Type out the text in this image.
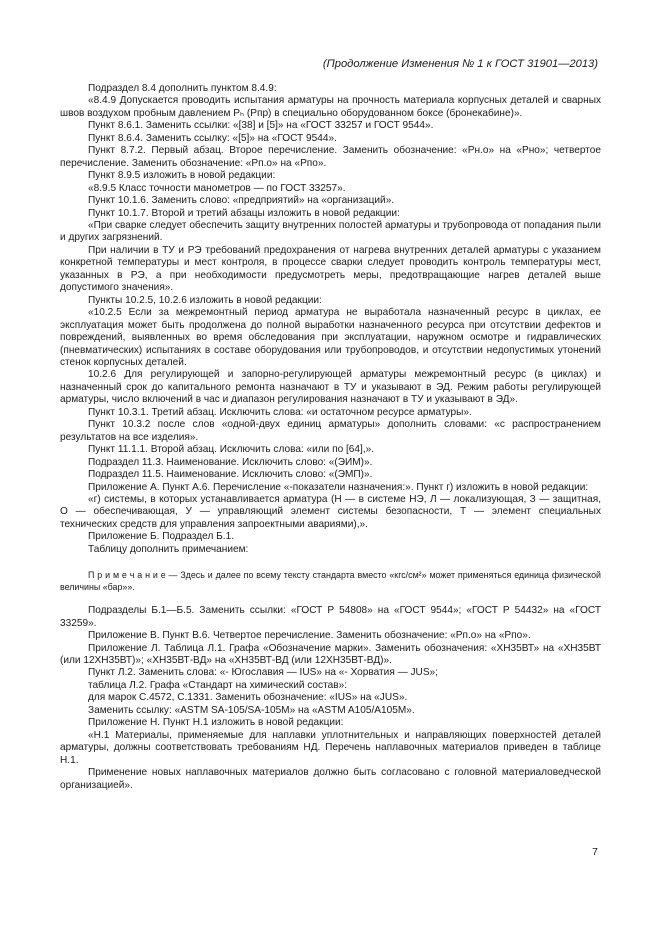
(Продолжение Изменения № 1 к ГОСТ 31901—2013)

Подраздел 8.4 дополнить пунктом 8.4.9:

«8.4.9 Допускается проводить испытания арматуры на прочность материала корпусных деталей и сварных швов воздухом пробным давлением Pₕ (Pпр) в специально оборудованном боксе (бронекабине)».

Пункт 8.6.1. Заменить ссылки: «[38] и [5]» на «ГОСТ 33257 и ГОСТ 9544».

Пункт 8.6.4. Заменить ссылку: «[5]» на «ГОСТ 9544».

Пункт 8.7.2. Первый абзац. Второе перечисление. Заменить обозначение: «Pн.о» на «Pно»; четвертое перечисление. Заменить обозначение: «Pп.о» на «Pпо».

Пункт 8.9.5 изложить в новой редакции:

«8.9.5 Класс точности манометров — по ГОСТ 33257».

Пункт 10.1.6. Заменить слово: «предприятий» на «организаций».

Пункт 10.1.7. Второй и третий абзацы изложить в новой редакции:

«При сварке следует обеспечить защиту внутренних полостей арматуры и трубопровода от попадания пыли и других загрязнений.

При наличии в ТУ и РЭ требований предохранения от нагрева внутренних деталей арматуры с указанием конкретной температуры и мест контроля, в процессе сварки следует проводить контроль температуры мест, указанных в РЭ, а при необходимости предусмотреть меры, предотвращающие нагрев деталей выше допустимого значения».

Пункты 10.2.5, 10.2.6 изложить в новой редакции:

«10.2.5 Если за межремонтный период арматура не выработала назначенный ресурс в циклах, ее эксплуатация может быть продолжена до полной выработки назначенного ресурса при отсутствии дефектов и повреждений, выявленных во время обследования при эксплуатации, наружном осмотре и гидравлических (пневматических) испытаниях в составе оборудования или трубопроводов, и отсутствии недопустимых утонений стенок корпусных деталей.

10.2.6 Для регулирующей и запорно-регулирующей арматуры межремонтный ресурс (в циклах) и назначенный срок до капитального ремонта назначают в ТУ и указывают в ЭД. Режим работы регулирующей арматуры, число включений в час и диапазон регулирования назначают в ТУ и указывают в ЭД».

Пункт 10.3.1. Третий абзац. Исключить слова: «и остаточном ресурсе арматуры».

Пункт 10.3.2 после слов «одной-двух единиц арматуры» дополнить словами: «с распространением результатов на все изделия».

Пункт 11.1.1. Второй абзац. Исключить слова: «или по [64],».

Подраздел 11.3. Наименование. Исключить слово: «(ЭИМ)».

Подраздел 11.5. Наименование. Исключить слово: «(ЭМП)».

Приложение А. Пункт А.6. Перечисление «-показатели назначения:». Пункт г) изложить в новой редакции:

«г) системы, в которых устанавливается арматура (Н — в системе НЭ, Л — локализующая, З — защитная, О — обеспечивающая, У — управляющий элемент системы безопасности, Т — элемент специальных технических средств для управления запроектными авариями),».

Приложение Б. Подраздел Б.1.

Таблицу дополнить примечанием:

П р и м е ч а н и е — Здесь и далее по всему тексту стандарта вместо «кгс/см²» может применяться единица физической величины «бар»».

Подразделы Б.1—Б.5. Заменить ссылки: «ГОСТ Р 54808» на «ГОСТ 9544»; «ГОСТ Р 54432» на «ГОСТ 33259».

Приложение В. Пункт В.6. Четвертое перечисление. Заменить обозначение: «Pп.о» на «Pпо».

Приложение Л. Таблица Л.1. Графа «Обозначение марки». Заменить обозначения: «ХН35ВТ» на «ХН35ВТ (или 12ХН35ВТ)»; «ХН35ВТ-ВД» на «ХН35ВТ-ВД (или 12ХН35ВТ-ВД)».

Пункт Л.2. Заменить слова: «- Югославия — IUS» на «- Хорватия — JUS»;

таблица Л.2. Графа «Стандарт на химический состав»:

для марок С.4572, С.1331. Заменить обозначение: «IUS» на «JUS».

Заменить ссылку: «ASTM SA-105/SA-105M» на «ASTM A105/A105M».

Приложение Н. Пункт Н.1 изложить в новой редакции:

«Н.1 Материалы, применяемые для наплавки уплотнительных и направляющих поверхностей деталей арматуры, должны соответствовать требованиям НД. Перечень наплавочных материалов приведен в таблице Н.1.

Применение новых наплавочных материалов должно быть согласовано с головной материаловедческой организацией».

7
